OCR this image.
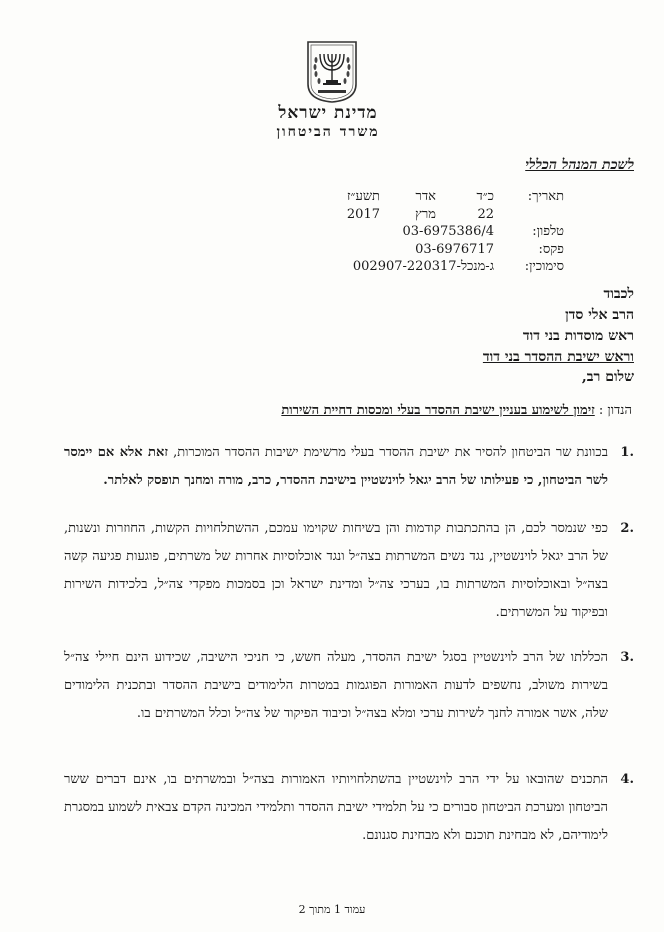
מדינת ישראל
משרד הביטחון
לשכת המנהל הכללי
תאריך:
כ״ד
אדר
תשע״ז
22
מרץ
2017
טלפון:
03-6975386/4
פקס:
03-6976717
סימוכין:
ג-מנכל-002907-220317
לכבוד
הרב אלי סדן
ראש מוסדות בני דוד
וראש ישיבת ההסדר בני דוד
שלום רב,
הנדון : זימון לשימוע בעניין ישיבת ההסדר בעלי ומכסות דחיית השירות
.1
בכוונת שר הביטחון להסיר את ישיבת ההסדר בעלי מרשימת ישיבות ההסדר המוכרות, זאת אלא אם יימסר לשר הביטחון, כי פעילותו של הרב יגאל לוינשטיין בישיבת ההסדר, כרב, מורה ומחנך תופסק לאלתר.
.2
כפי שנמסר לכם, הן בהתכתבות קודמות והן בשיחות שקוימו עמכם, ההשתלחויות הקשות, החוזרות ונשנות, של הרב יגאל לוינשטיין, נגד נשים המשרתות בצה״ל ונגד אוכלוסיות אחרות של משרתים, פוגעות פגיעה קשה בצה״ל ובאוכלוסיות המשרתות בו, בערכי צה״ל ומדינת ישראל וכן בסמכות מפקדי צה״ל, בלכידות השירות ובפיקוד על המשרתים.
.3
הכללתו של הרב לוינשטיין בסגל ישיבת ההסדר, מעלה חשש, כי חניכי הישיבה, שכידוע הינם חיילי צה״ל בשירות משולב, נחשפים לדעות האמורות הפוגמות במטרות הלימודים בישיבת ההסדר ובתכנית הלימודים שלה, אשר אמורה לחנך לשירות ערכי ומלא בצה״ל וכיבוד הפיקוד של צה״ל וכלל המשרתים בו.
.4
התכנים שהובאו על ידי הרב לוינשטיין בהשתלחויותיו האמורות בצה״ל ובמשרתים בו, אינם דברים ששר הביטחון ומערכת הביטחון סבורים כי על תלמידי ישיבת ההסדר ותלמידי המכינה הקדם צבאית לשמוע במסגרת לימודיהם, לא מבחינת תוכנם ולא מבחינת סגנונם.
עמוד 1 מתוך 2
